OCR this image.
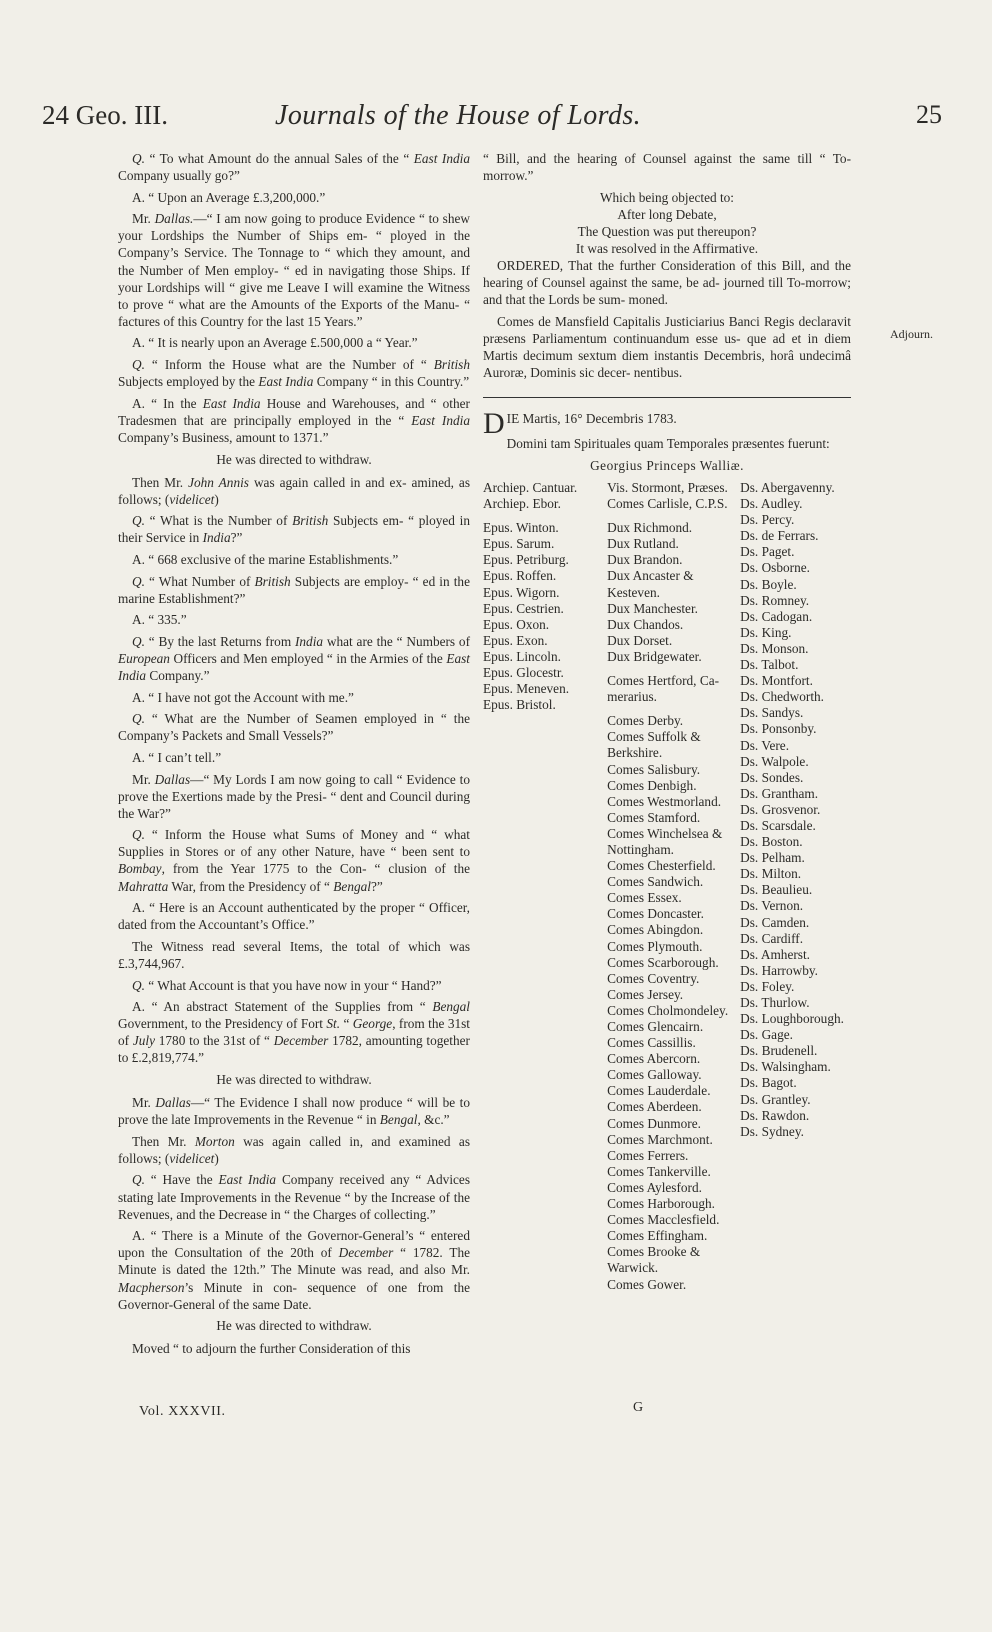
24 Geo. III.	Journals of the House of Lords.	25

Q. “ To what Amount do the annual Sales of the “ East India Company usually go?”

A. “ Upon an Average £.3,200,000.”

Mr. Dallas.—“ I am now going to produce Evidence “ to shew your Lordships the Number of Ships em- “ ployed in the Company’s Service. The Tonnage to “ which they amount, and the Number of Men employ- “ ed in navigating those Ships. If your Lordships will “ give me Leave I will examine the Witness to prove “ what are the Amounts of the Exports of the Manu- “ factures of this Country for the last 15 Years.”

A. “ It is nearly upon an Average £.500,000 a “ Year.”

Q. “ Inform the House what are the Number of “ British Subjects employed by the East India Company “ in this Country.”

A. “ In the East India House and Warehouses, and “ other Tradesmen that are principally employed in the “ East India Company’s Business, amount to 1371.”

He was directed to withdraw.

Then Mr. John Annis was again called in and ex- amined, as follows; (videlicet)

Q. “ What is the Number of British Subjects em- “ ployed in their Service in India?”

A. “ 668 exclusive of the marine Establishments.”

Q. “ What Number of British Subjects are employ- “ ed in the marine Establishment?”

A. “ 335.”

Q. “ By the last Returns from India what are the “ Numbers of European Officers and Men employed “ in the Armies of the East India Company.”

A. “ I have not got the Account with me.”

Q. “ What are the Number of Seamen employed in “ the Company’s Packets and Small Vessels?”

A. “ I can’t tell.”

Mr. Dallas—“ My Lords I am now going to call “ Evidence to prove the Exertions made by the Presi- “ dent and Council during the War?”

Q. “ Inform the House what Sums of Money and “ what Supplies in Stores or of any other Nature, have “ been sent to Bombay, from the Year 1775 to the Con- “ clusion of the Mahratta War, from the Presidency of “ Bengal?”

A. “ Here is an Account authenticated by the proper “ Officer, dated from the Accountant’s Office.”

The Witness read several Items, the total of which was £.3,744,967.

Q. “ What Account is that you have now in your “ Hand?”

A. “ An abstract Statement of the Supplies from “ Bengal Government, to the Presidency of Fort St. “ George, from the 31st of July 1780 to the 31st of “ December 1782, amounting together to £.2,819,774.”

He was directed to withdraw.

Mr. Dallas—“ The Evidence I shall now produce “ will be to prove the late Improvements in the Revenue “ in Bengal, &c.”

Then Mr. Morton was again called in, and examined as follows; (videlicet)

Q. “ Have the East India Company received any “ Advices stating late Improvements in the Revenue “ by the Increase of the Revenues, and the Decrease in “ the Charges of collecting.”

A. “ There is a Minute of the Governor-General’s “ entered upon the Consultation of the 20th of December “ 1782. The Minute is dated the 12th.” The Minute was read, and also Mr. Macpherson’s Minute in con- sequence of one from the Governor-General of the same Date.

He was directed to withdraw.

Moved “ to adjourn the further Consideration of this

“ Bill, and the hearing of Counsel against the same till “ To-morrow.”

Which being objected to:

After long Debate,

The Question was put thereupon?

It was resolved in the Affirmative.

ORDERED, That the further Consideration of this Bill, and the hearing of Counsel against the same, be ad- journed till To-morrow; and that the Lords be sum- moned.

Comes de Mansfield Capitalis Justiciarius Banci Regis declaravit præsens Parliamentum continuandum esse us- que ad et in diem Martis decimum sextum diem instantis Decembris, horâ undecimâ Auroræ, Dominis sic decer- nentibus.

DIE Martis, 16° Decembris 1783.

Domini tam Spirituales quam Temporales præsentes fuerunt:

Georgius Princeps Walliæ.

Archiep. Cantuar.
Archiep. Ebor.
Epus. Winton.
Epus. Sarum.
Epus. Petriburg.
Epus. Roffen.
Epus. Wigorn.
Epus. Cestrien.
Epus. Oxon.
Epus. Exon.
Epus. Lincoln.
Epus. Glocestr.
Epus. Meneven.
Epus. Bristol.
Vis. Stormont, Præses.
Comes Carlisle, C.P.S.
Dux Richmond.
Dux Rutland.
Dux Brandon.
Dux Ancaster & Kesteven.
Dux Manchester.
Dux Chandos.
Dux Dorset.
Dux Bridgewater.
Comes Hertford, Ca- merarius.
Comes Derby.
Comes Suffolk & Berkshire.
Comes Salisbury.
Comes Denbigh.
Comes Westmorland.
Comes Stamford.
Comes Winchelsea & Nottingham.
Comes Chesterfield.
Comes Sandwich.
Comes Essex.
Comes Doncaster.
Comes Abingdon.
Comes Plymouth.
Comes Scarborough.
Comes Coventry.
Comes Jersey.
Comes Cholmondeley.
Comes Glencairn.
Comes Cassillis.
Comes Abercorn.
Comes Galloway.
Comes Lauderdale.
Comes Aberdeen.
Comes Dunmore.
Comes Marchmont.
Comes Ferrers.
Comes Tankerville.
Comes Aylesford.
Comes Harborough.
Comes Macclesfield.
Comes Effingham.
Comes Brooke & Warwick.
Comes Gower.
Ds. Abergavenny.
Ds. Audley.
Ds. Percy.
Ds. de Ferrars.
Ds. Paget.
Ds. Osborne.
Ds. Boyle.
Ds. Romney.
Ds. Cadogan.
Ds. King.
Ds. Monson.
Ds. Talbot.
Ds. Montfort.
Ds. Chedworth.
Ds. Sandys.
Ds. Ponsonby.
Ds. Vere.
Ds. Walpole.
Ds. Sondes.
Ds. Grantham.
Ds. Grosvenor.
Ds. Scarsdale.
Ds. Boston.
Ds. Pelham.
Ds. Milton.
Ds. Beaulieu.
Ds. Vernon.
Ds. Camden.
Ds. Cardiff.
Ds. Amherst.
Ds. Harrowby.
Ds. Foley.
Ds. Thurlow.
Ds. Loughborough.
Ds. Gage.
Ds. Brudenell.
Ds. Walsingham.
Ds. Bagot.
Ds. Grantley.
Ds. Rawdon.
Ds. Sydney.
Adjourn.
Vol. XXXVII.	G
